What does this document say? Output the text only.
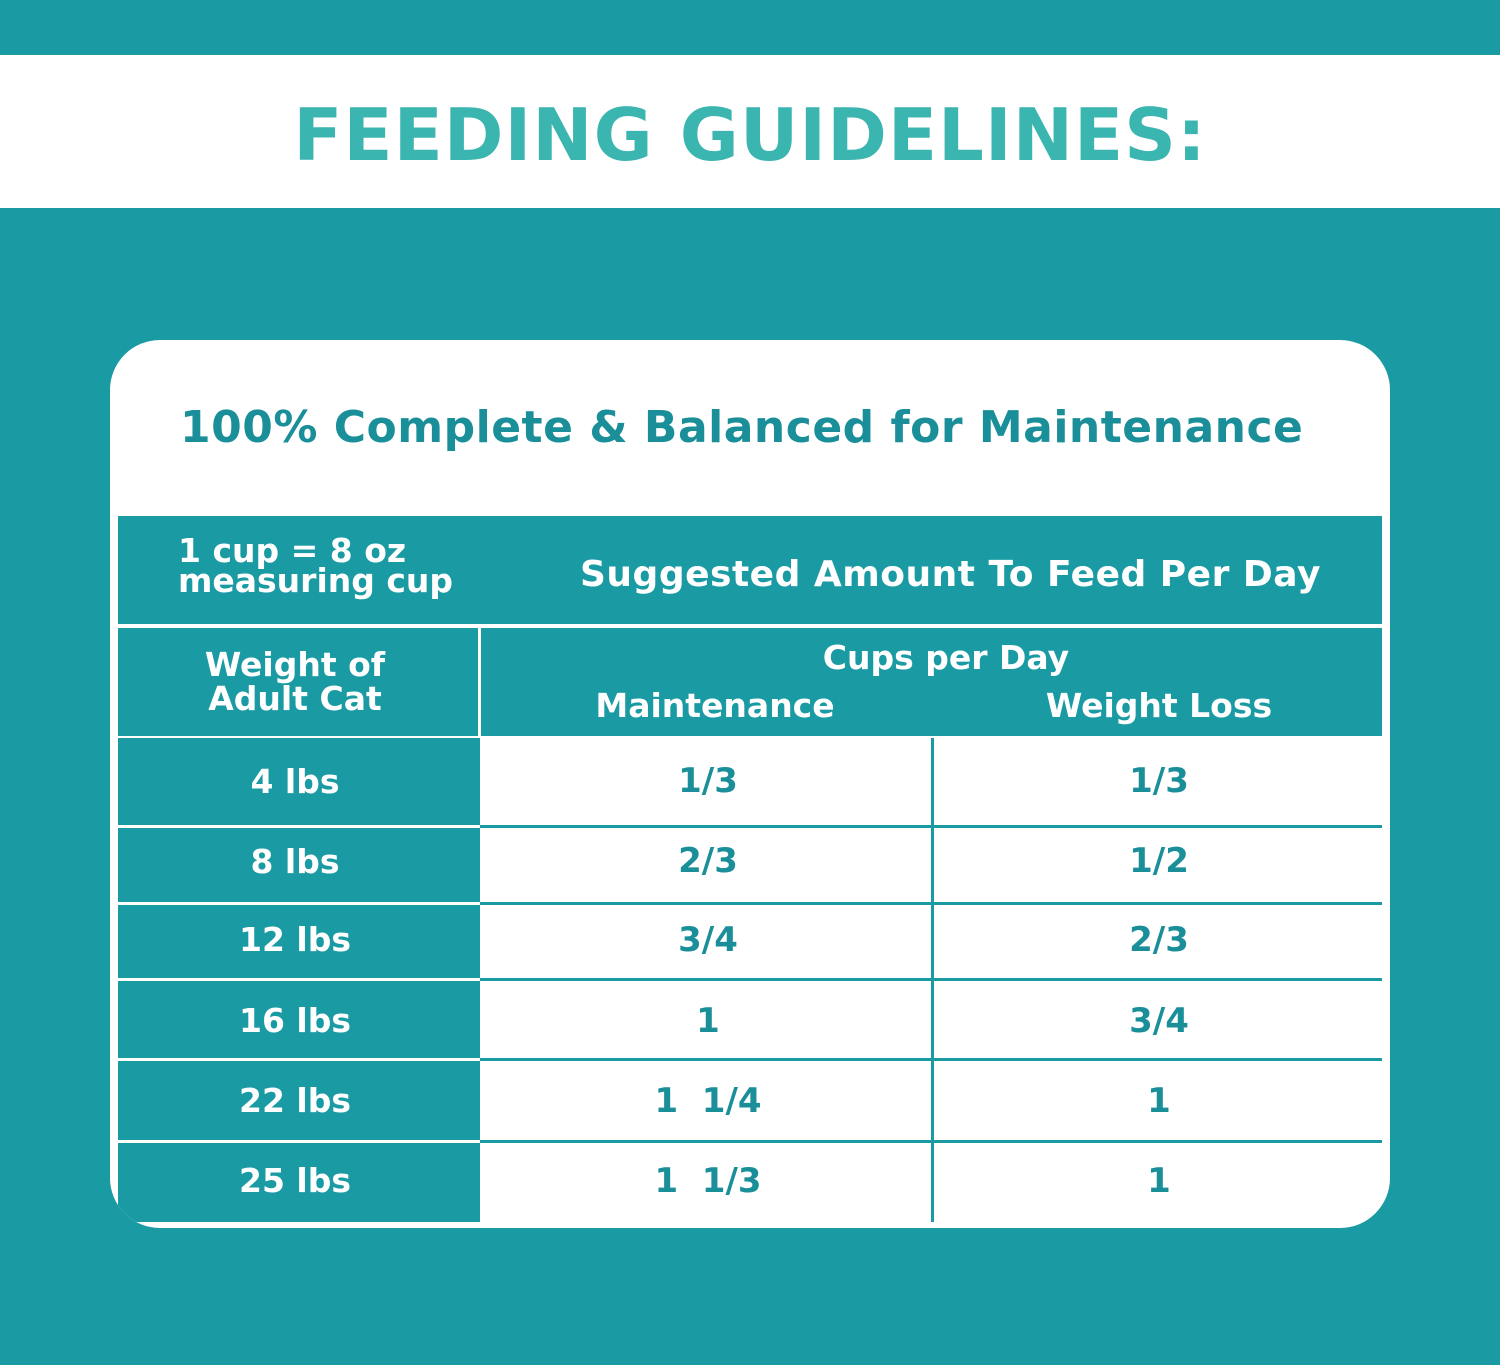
FEEDING GUIDELINES:
100% Complete & Balanced for Maintenance
1 cup = 8 oz
measuring cup	Suggested Amount To Feed Per Day
Weight of
Adult Cat
Cups per Day
Maintenance	Weight Loss
4 lbs	1/3	1/3
8 lbs	2/3	1/2
12 lbs	3/4	2/3
16 lbs	1	3/4
22 lbs	1  1/4	1
25 lbs	1  1/3	1
